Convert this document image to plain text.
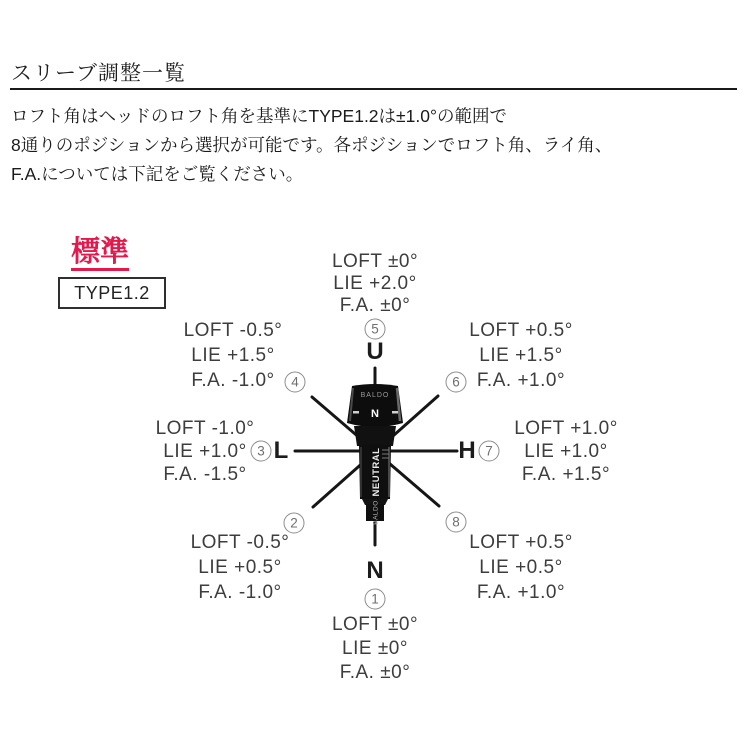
スリーブ調整一覧
ロフト角はヘッドのロフト角を基準にTYPE1.2は±1.0°の範囲で
8通りのポジションから選択が可能です。各ポジションでロフト角、ライ角、
F.A.については下記をご覧ください。
標準
TYPE1.2
BALDO
N
NEUTRAL
BALDO
LOFT ±0°
LIE +2.0°
F.A. ±0°
5
U
LOFT -0.5°
LIE +1.5°
F.A. -1.0°	4
LOFT +0.5°
LIE +1.5°
F.A. +1.0°
6
LOFT -1.0°
LIE +1.0°
F.A. -1.5°
3 L
LOFT +1.0°
LIE +1.0°
F.A. +1.5°
H 7
LOFT -0.5°
LIE +0.5°
F.A. -1.0°
2
LOFT +0.5°
LIE +0.5°
F.A. +1.0°
8
N
1
LOFT ±0°
LIE ±0°
F.A. ±0°
